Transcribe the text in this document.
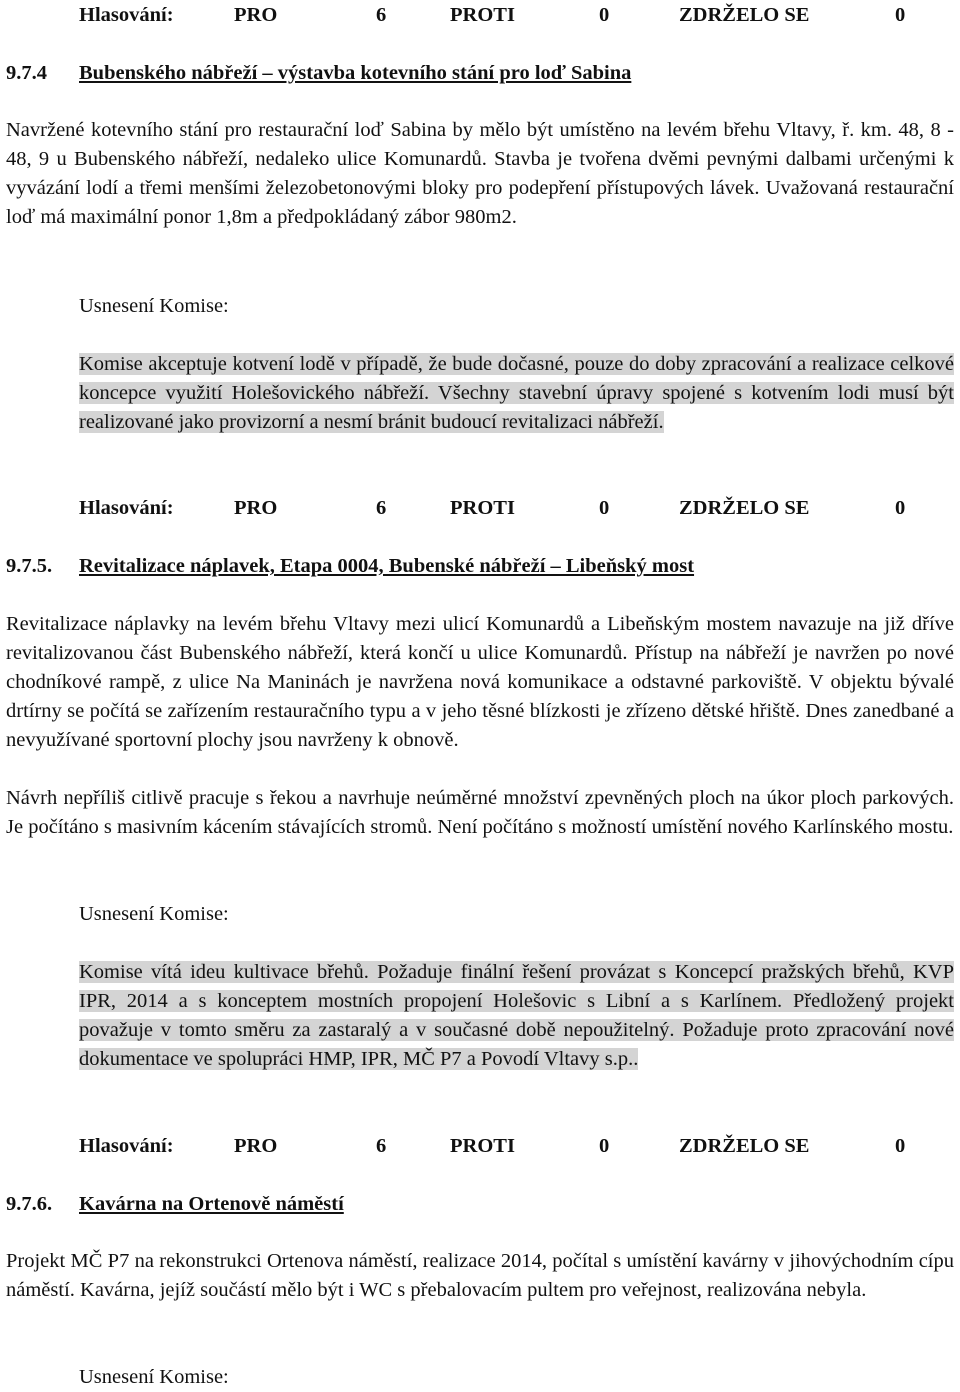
Hlasování:	PRO	6	PROTI	0	ZDRŽELO SE	0
9.7.4 Bubenského nábřeží – výstavba kotevního stání pro loď Sabina

Navržené kotevního stání pro restaurační loď Sabina by mělo být umístěno na levém břehu Vltavy, ř. km. 48, 8 - 48, 9 u Bubenského nábřeží, nedaleko ulice Komunardů. Stavba je tvořena dvěmi pevnými dalbami určenými k vyvázání lodí a třemi menšími železobetonovými bloky pro podepření přístupových lávek. Uvažovaná restaurační loď má maximální ponor 1,8m a předpokládaný zábor 980m2.

Usnesení Komise:

Komise akceptuje kotvení lodě v případě, že bude dočasné, pouze do doby zpracování a realizace celkové koncepce využití Holešovického nábřeží. Všechny stavební úpravy spojené s kotvením lodi musí být realizované jako provizorní a nesmí bránit budoucí revitalizaci nábřeží.

Hlasování:	PRO	6	PROTI	0	ZDRŽELO SE	0
9.7.5. Revitalizace náplavek, Etapa 0004, Bubenské nábřeží – Libeňský most

Revitalizace náplavky na levém břehu Vltavy mezi ulicí Komunardů a Libeňským mostem navazuje na již dříve revitalizovanou část Bubenského nábřeží, která končí u ulice Komunardů. Přístup na nábřeží je navržen po nové chodníkové rampě, z ulice Na Maninách je navržena nová komunikace a odstavné parkoviště. V objektu bývalé drtírny se počítá se zařízením restauračního typu a v jeho těsné blízkosti je zřízeno dětské hřiště. Dnes zanedbané a nevyužívané sportovní plochy jsou navrženy k obnově.

Návrh nepříliš citlivě pracuje s řekou a navrhuje neúměrné množství zpevněných ploch na úkor ploch parkových. Je počítáno s masivním kácením stávajících stromů. Není počítáno s možností umístění nového Karlínského mostu.

Usnesení Komise:

Komise vítá ideu kultivace břehů. Požaduje finální řešení provázat s Koncepcí pražských břehů, KVP IPR, 2014 a s konceptem mostních propojení Holešovic s Libní a s Karlínem. Předložený projekt považuje v tomto směru za zastaralý a v současné době nepoužitelný. Požaduje proto zpracování nové dokumentace ve spolupráci HMP, IPR, MČ P7 a Povodí Vltavy s.p..

Hlasování:	PRO	6	PROTI	0	ZDRŽELO SE	0
9.7.6. Kavárna na Ortenově náměstí

Projekt MČ P7 na rekonstrukci Ortenova náměstí, realizace 2014, počítal s umístění kavárny v jihovýchodním cípu náměstí. Kavárna, jejíž součástí mělo být i WC s přebalovacím pultem pro veřejnost, realizována nebyla.

Usnesení Komise:
